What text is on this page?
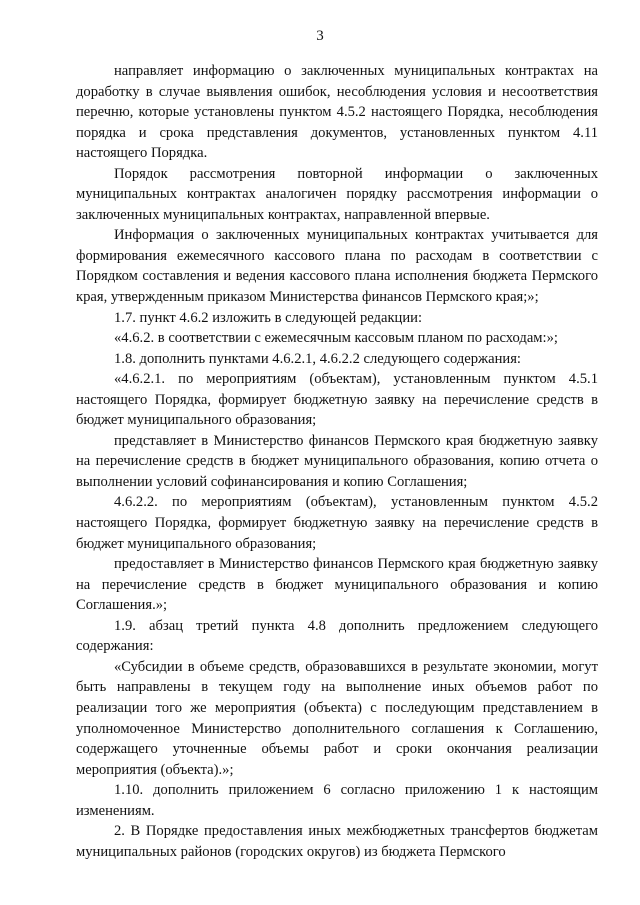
3

направляет информацию о заключенных муниципальных контрактах на доработку в случае выявления ошибок, несоблюдения условия и несоответствия перечню, которые установлены пунктом 4.5.2 настоящего Порядка, несоблюдения порядка и срока представления документов, установленных пунктом 4.11 настоящего Порядка.

Порядок рассмотрения повторной информации о заключенных муниципальных контрактах аналогичен порядку рассмотрения информации о заключенных муниципальных контрактах, направленной впервые.

Информация о заключенных муниципальных контрактах учитывается для формирования ежемесячного кассового плана по расходам в соответствии с Порядком составления и ведения кассового плана исполнения бюджета Пермского края, утвержденным приказом Министерства финансов Пермского края;»;

1.7. пункт 4.6.2 изложить в следующей редакции:

«4.6.2. в соответствии с ежемесячным кассовым планом по расходам:»;

1.8. дополнить пунктами 4.6.2.1, 4.6.2.2 следующего содержания:

«4.6.2.1. по мероприятиям (объектам), установленным пунктом 4.5.1 настоящего Порядка, формирует бюджетную заявку на перечисление средств в бюджет муниципального образования;

представляет в Министерство финансов Пермского края бюджетную заявку на перечисление средств в бюджет муниципального образования, копию отчета о выполнении условий софинансирования и копию Соглашения;

4.6.2.2. по мероприятиям (объектам), установленным пунктом 4.5.2 настоящего Порядка, формирует бюджетную заявку на перечисление средств в бюджет муниципального образования;

предоставляет в Министерство финансов Пермского края бюджетную заявку на перечисление средств в бюджет муниципального образования и копию Соглашения.»;

1.9. абзац третий пункта 4.8 дополнить предложением следующего содержания:

«Субсидии в объеме средств, образовавшихся в результате экономии, могут быть направлены в текущем году на выполнение иных объемов работ по реализации того же мероприятия (объекта) с последующим представлением в уполномоченное Министерство дополнительного соглашения к Соглашению, содержащего уточненные объемы работ и сроки окончания реализации мероприятия (объекта).»;

1.10. дополнить приложением 6 согласно приложению 1 к настоящим изменениям.

2. В Порядке предоставления иных межбюджетных трансфертов бюджетам муниципальных районов (городских округов) из бюджета Пермского
